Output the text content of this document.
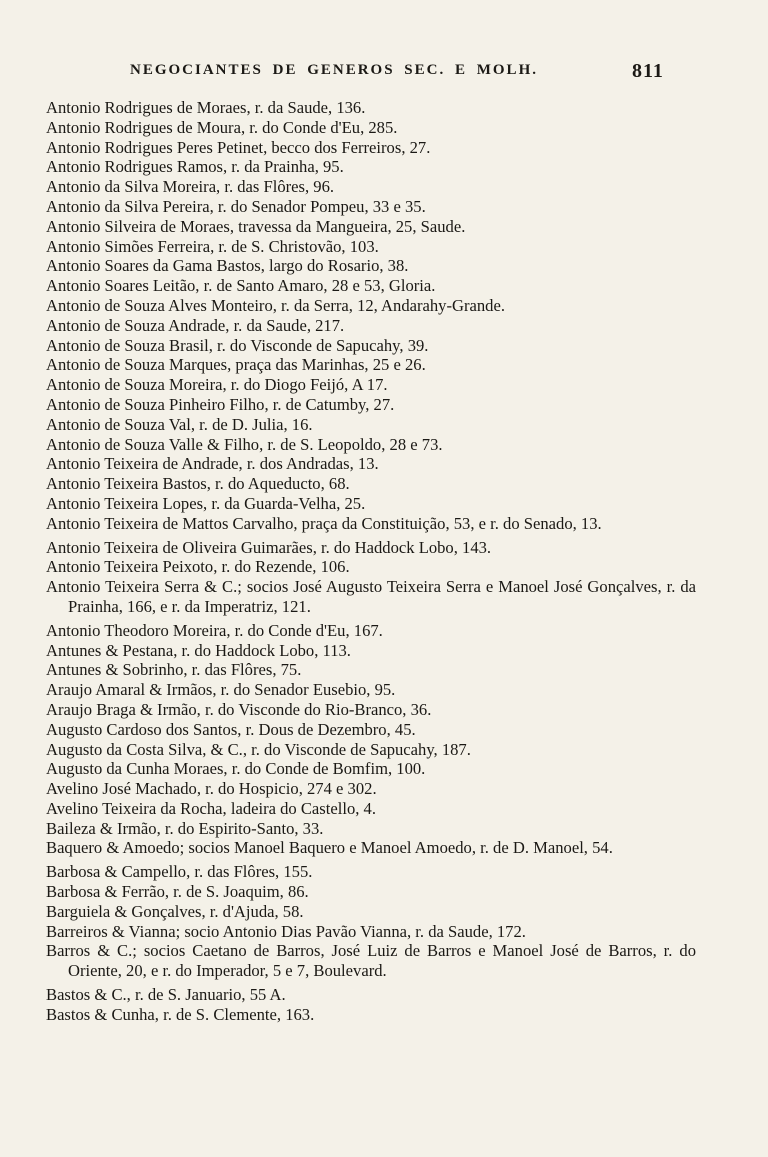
NEGOCIANTES DE GENEROS SEC. E MOLH.	811

Antonio Rodrigues de Moraes, r. da Saude, 136.

Antonio Rodrigues de Moura, r. do Conde d'Eu, 285.

Antonio Rodrigues Peres Petinet, becco dos Ferreiros, 27.

Antonio Rodrigues Ramos, r. da Prainha, 95.

Antonio da Silva Moreira, r. das Flôres, 96.

Antonio da Silva Pereira, r. do Senador Pompeu, 33 e 35.

Antonio Silveira de Moraes, travessa da Mangueira, 25, Saude.

Antonio Simões Ferreira, r. de S. Christovão, 103.

Antonio Soares da Gama Bastos, largo do Rosario, 38.

Antonio Soares Leitão, r. de Santo Amaro, 28 e 53, Gloria.

Antonio de Souza Alves Monteiro, r. da Serra, 12, Andarahy-Grande.

Antonio de Souza Andrade, r. da Saude, 217.

Antonio de Souza Brasil, r. do Visconde de Sapucahy, 39.

Antonio de Souza Marques, praça das Marinhas, 25 e 26.

Antonio de Souza Moreira, r. do Diogo Feijó, A 17.

Antonio de Souza Pinheiro Filho, r. de Catumby, 27.

Antonio de Souza Val, r. de D. Julia, 16.

Antonio de Souza Valle & Filho, r. de S. Leopoldo, 28 e 73.

Antonio Teixeira de Andrade, r. dos Andradas, 13.

Antonio Teixeira Bastos, r. do Aqueducto, 68.

Antonio Teixeira Lopes, r. da Guarda-Velha, 25.

Antonio Teixeira de Mattos Carvalho, praça da Constituição, 53, e r. do Senado, 13.

Antonio Teixeira de Oliveira Guimarães, r. do Haddock Lobo, 143.

Antonio Teixeira Peixoto, r. do Rezende, 106.

Antonio Teixeira Serra & C.; socios José Augusto Teixeira Serra e Manoel José Gonçalves, r. da Prainha, 166, e r. da Imperatriz, 121.

Antonio Theodoro Moreira, r. do Conde d'Eu, 167.

Antunes & Pestana, r. do Haddock Lobo, 113.

Antunes & Sobrinho, r. das Flôres, 75.

Araujo Amaral & Irmãos, r. do Senador Eusebio, 95.

Araujo Braga & Irmão, r. do Visconde do Rio-Branco, 36.

Augusto Cardoso dos Santos, r. Dous de Dezembro, 45.

Augusto da Costa Silva, & C., r. do Visconde de Sapucahy, 187.

Augusto da Cunha Moraes, r. do Conde de Bomfim, 100.

Avelino José Machado, r. do Hospicio, 274 e 302.

Avelino Teixeira da Rocha, ladeira do Castello, 4.

Baileza & Irmão, r. do Espirito-Santo, 33.

Baquero & Amoedo; socios Manoel Baquero e Manoel Amoedo, r. de D. Manoel, 54.

Barbosa & Campello, r. das Flôres, 155.

Barbosa & Ferrão, r. de S. Joaquim, 86.

Barguiela & Gonçalves, r. d'Ajuda, 58.

Barreiros & Vianna; socio Antonio Dias Pavão Vianna, r. da Saude, 172.

Barros & C.; socios Caetano de Barros, José Luiz de Barros e Manoel José de Barros, r. do Oriente, 20, e r. do Imperador, 5 e 7, Boulevard.

Bastos & C., r. de S. Januario, 55 A.

Bastos & Cunha, r. de S. Clemente, 163.
